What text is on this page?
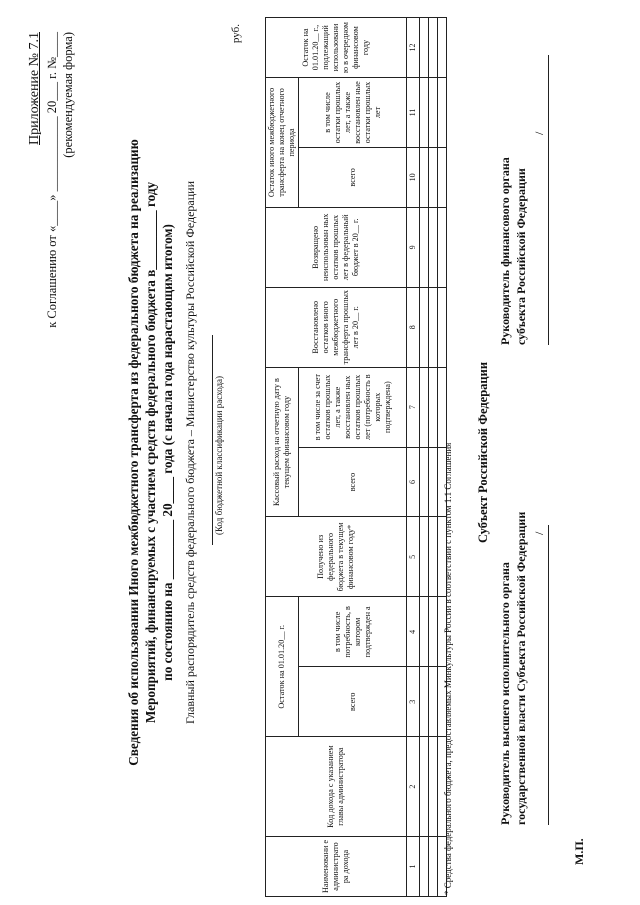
Приложение № 7.1 к Соглашению от «____» ____________ 20___ г. №____ (рекомендуемая форма)
Сведения об использовании Иного межбюджетного трансферта из федерального бюджета на реализацию Мероприятий, финансируемых с участием средств федерального бюджета в_________ году по состоянию на _________ 20____ года (с начала года нарастающим итогом) Главный распорядитель средств федерального бюджета – Министерство культуры Российской Федерации (Код бюджетной классификации расхода)
руб.
Наименовани е администрато ра дохода	Код дохода с указанием главы администратора	Остаток на 01.01.20__ г.		Получено из федерального бюджета в текущем финансовом году*	Кассовый расход на отчетную дату в текущем финансовом году		Восстановлено остатков иного межбюджетного трансферта прошлых лет в 20__ г.	Возвращено неиспользован ных остатков прошлых лет в федеральный бюджет в 20__ г.	Остаток иного межбюджетного трансферта на конец отчетного периода		Остаток на 01.01.20__ г., подлежащий использовани ю в очередном финансовом году
		всего	в том числе потребность, в котором подтвержден а		всего	в том числе за счет остатков прошлых лет, а также восстановлен ных остатков прошлых лет (потребность в которых подтверждена)			всего	в том числе остатки прошлых лет, а также восстановлен ные остатки прошлых лет	
1	2	3	4	5	6	7	8	9	10	11	12

* Средства федерального бюджета, предоставляемых Минкультуры России в соответствии с пунктом 1.1 Соглашения Субъект Российской Федерации
Руководитель высшего исполнительного органа государственной власти Субъекта Российской Федерации /
Руководитель финансового органа субъекта Российской Федерации
/
М.П.
